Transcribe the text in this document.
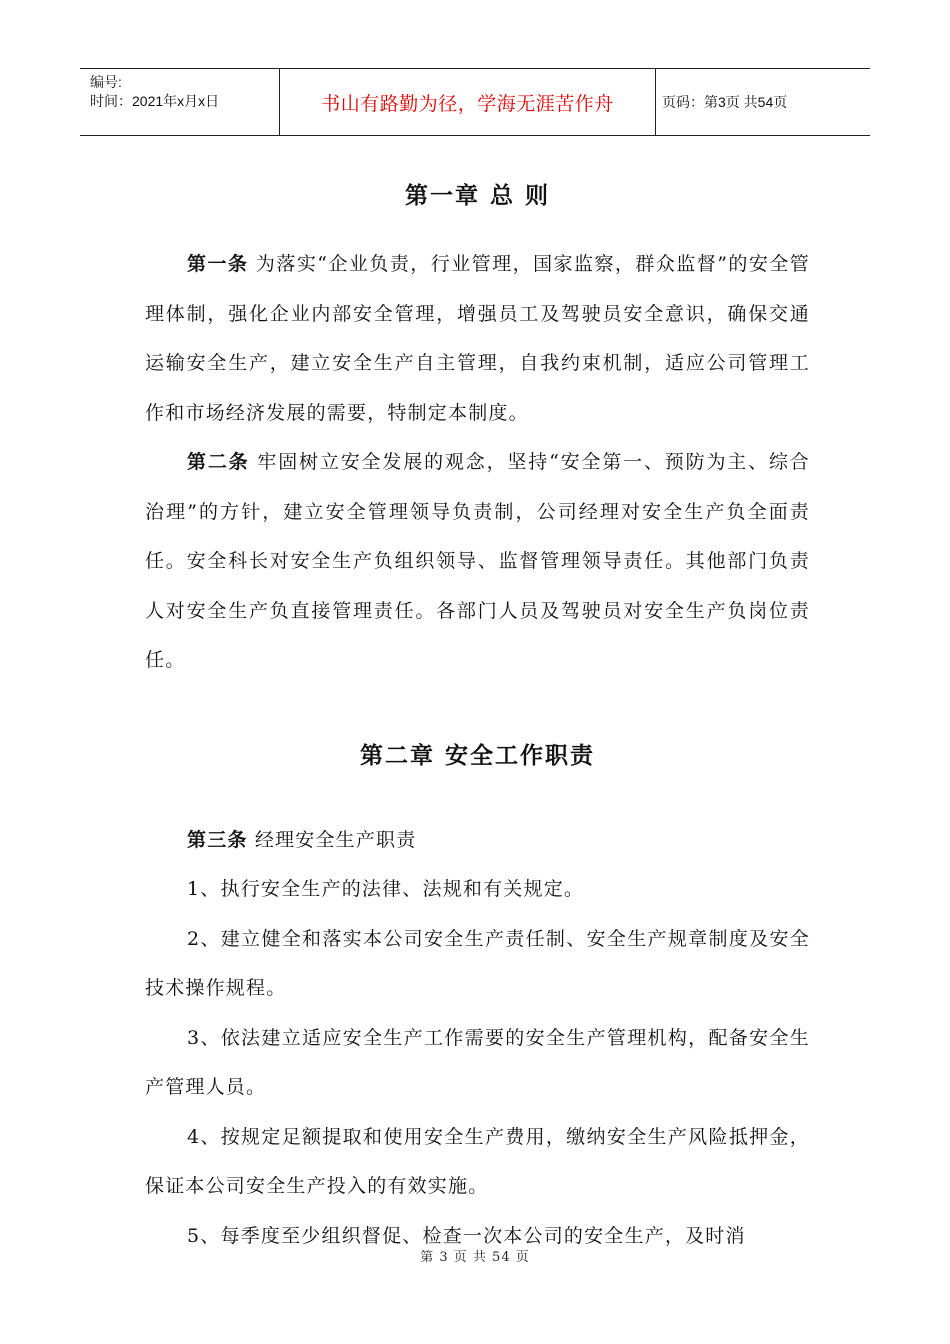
编号:
时间：2021年x月x日	书山有路勤为径，学海无涯苦作舟	页码：第3页 共54页
第一章 总 则

第一条 为落实“企业负责，行业管理，国家监察，群众监督”的安全管理体制，强化企业内部安全管理，增强员工及驾驶员安全意识，确保交通运输安全生产，建立安全生产自主管理，自我约束机制，适应公司管理工作和市场经济发展的需要，特制定本制度。

第二条 牢固树立安全发展的观念，坚持“安全第一、预防为主、综合治理”的方针，建立安全管理领导负责制，公司经理对安全生产负全面责任。安全科长对安全生产负组织领导、监督管理领导责任。其他部门负责人对安全生产负直接管理责任。各部门人员及驾驶员对安全生产负岗位责任。

第二章 安全工作职责

第三条 经理安全生产职责

1、执行安全生产的法律、法规和有关规定。

2、建立健全和落实本公司安全生产责任制、安全生产规章制度及安全技术操作规程。

3、依法建立适应安全生产工作需要的安全生产管理机构，配备安全生产管理人员。

4、按规定足额提取和使用安全生产费用，缴纳安全生产风险抵押金，保证本公司安全生产投入的有效实施。

5、每季度至少组织督促、检查一次本公司的安全生产，及时消

第 3 页 共 54 页
